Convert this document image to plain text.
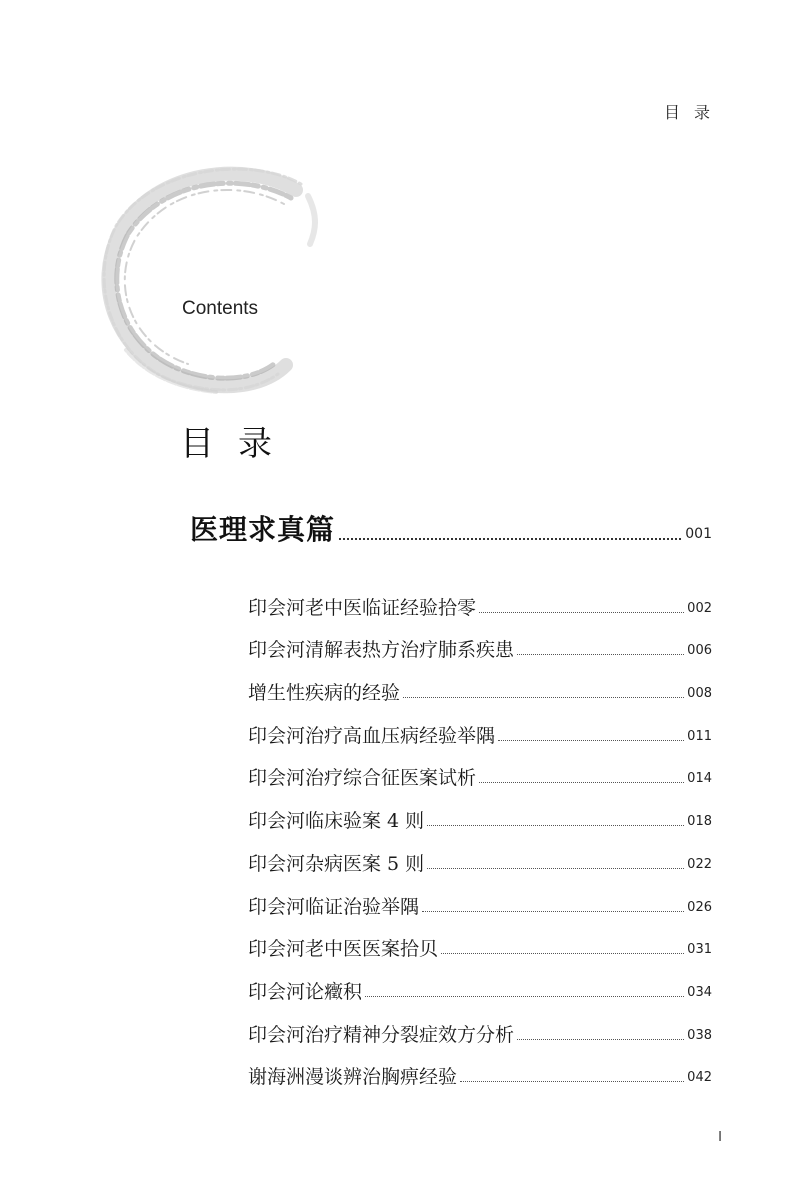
目录
目录
Contents
医理求真篇	001
印会河老中医临证经验拾零	002
印会河清解表热方治疗肺系疾患	006
增生性疾病的经验	008
印会河治疗高血压病经验举隅	011
印会河治疗综合征医案试析	014
印会河临床验案 4 则	018
印会河杂病医案 5 则	022
印会河临证治验举隅	026
印会河老中医医案拾贝	031
印会河论癥积	034
印会河治疗精神分裂症效方分析	038
谢海洲漫谈辨治胸痹经验	042
I
